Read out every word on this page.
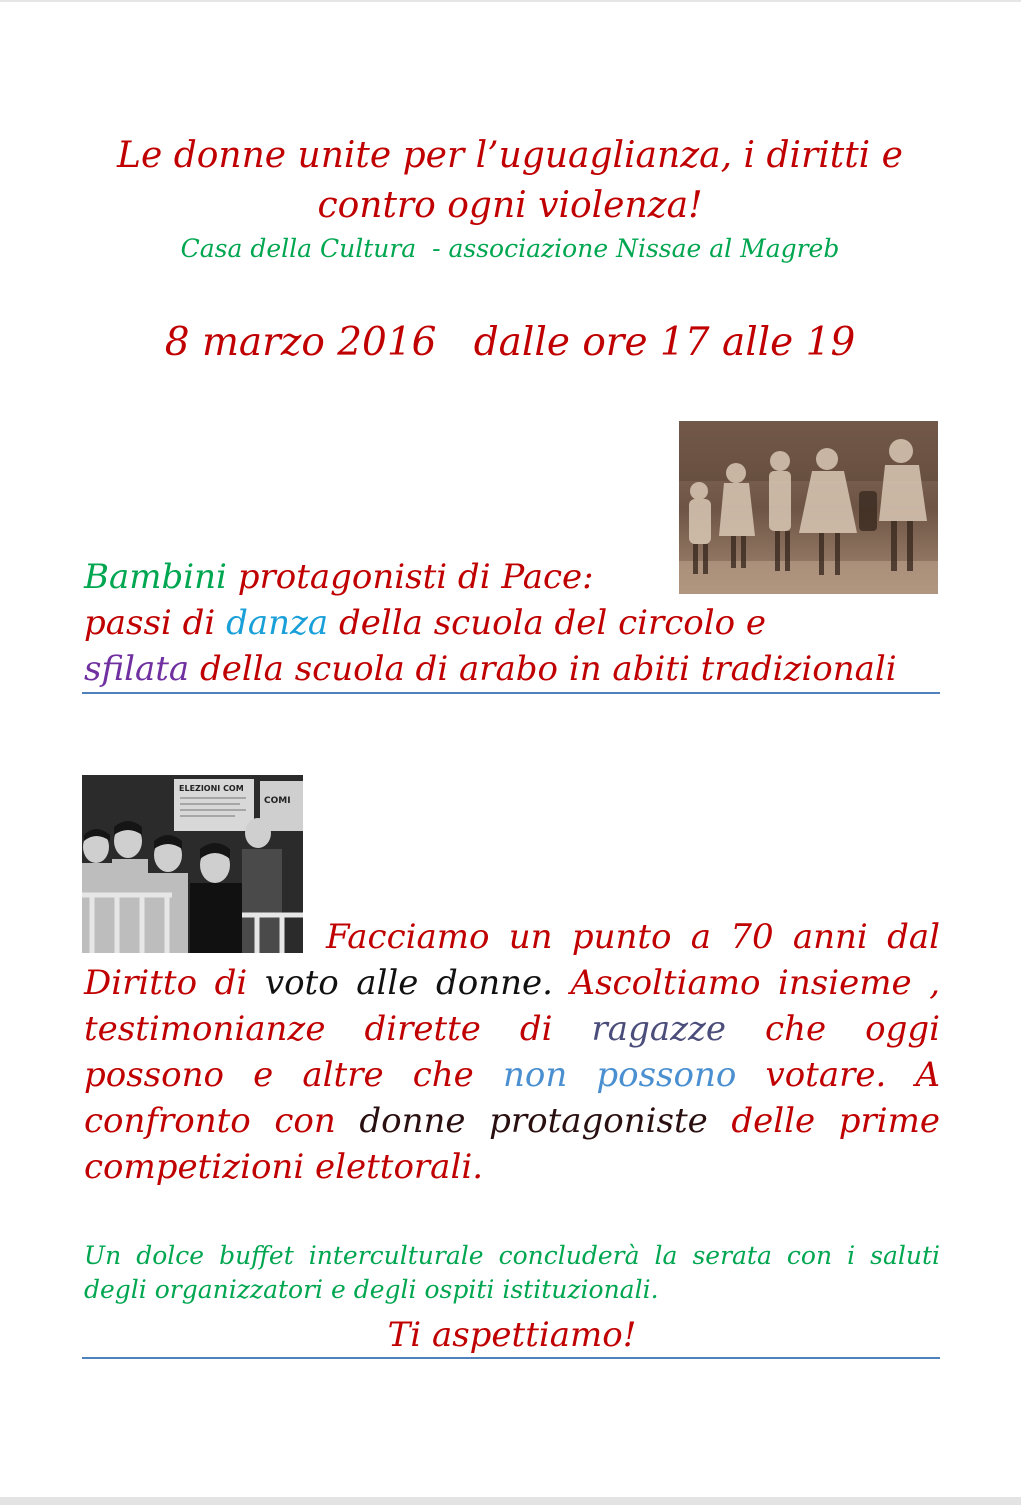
Le donne unite per l’uguaglianza, i diritti e contro ogni violenza!
Casa della Cultura  - associazione Nissae al Magreb
8 marzo 2016   dalle ore 17 alle 19
Bambini protagonisti di Pace:
passi di danza della scuola del circolo e
sfilata della scuola di arabo in abiti tradizionali
ELEZIONI COM
COMI
Facciamo un punto a 70 anni dal Diritto di voto alle donne. Ascoltiamo insieme , testimonianze dirette di ragazze che oggi possono e altre che non possono votare. A confronto con donne protagoniste delle prime competizioni elettorali.
Un dolce buffet interculturale concluderà la serata con i saluti degli organizzatori e degli ospiti istituzionali.
Ti aspettiamo!
